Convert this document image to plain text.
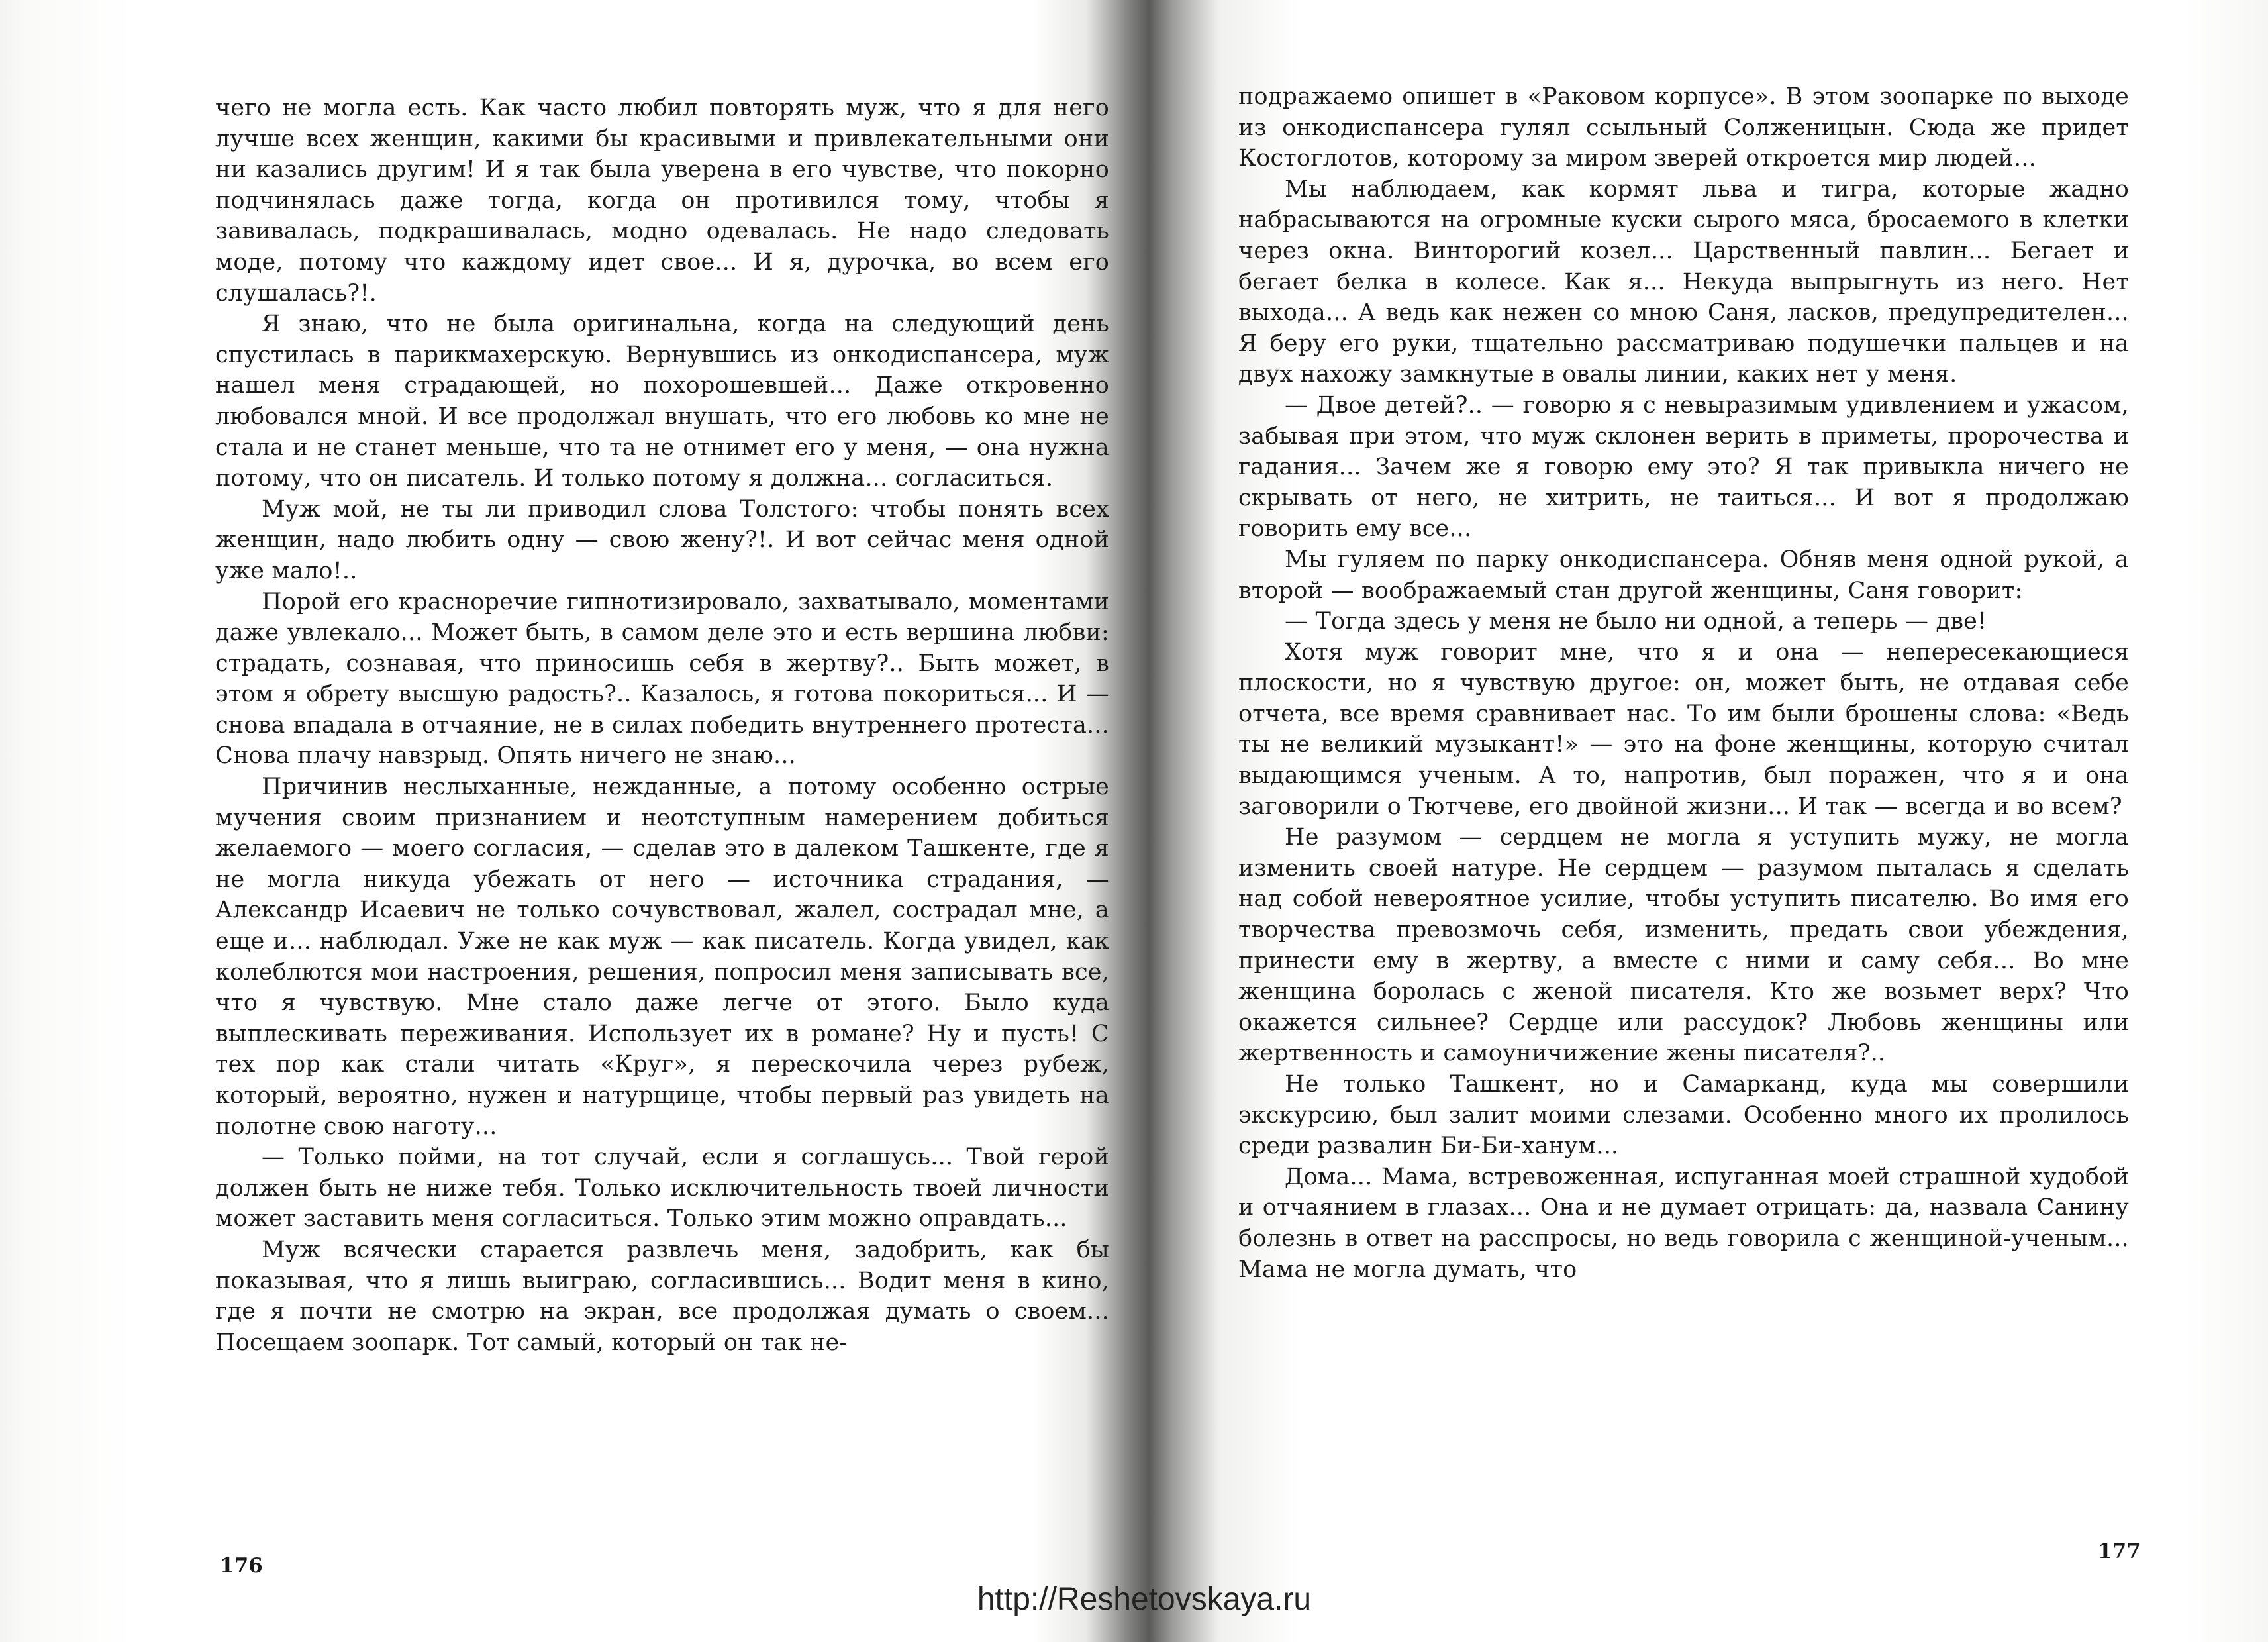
чего не могла есть. Как часто любил повторять муж, что я для него лучше всех женщин, какими бы красивыми и привлекательными они ни казались другим! И я так была уверена в его чувстве, что покорно подчинялась даже тогда, когда он противился тому, чтобы я завивалась, подкрашивалась, модно одевалась. Не надо следовать моде, потому что каждому идет свое... И я, дурочка, во всем его слушалась?!.

Я знаю, что не была оригинальна, когда на следующий день спустилась в парикмахерскую. Вернувшись из онкодиспансера, муж нашел меня страдающей, но похорошевшей... Даже откровенно любовался мной. И все продолжал внушать, что его любовь ко мне не стала и не станет меньше, что та не отнимет его у меня, — она нужна потому, что он писатель. И только потому я должна... согласиться.

Муж мой, не ты ли приводил слова Толстого: чтобы понять всех женщин, надо любить одну — свою жену?!. И вот сейчас меня одной уже мало!..

Порой его красноречие гипнотизировало, захватывало, моментами даже увлекало... Может быть, в самом деле это и есть вершина любви: страдать, сознавая, что приносишь себя в жертву?.. Быть может, в этом я обрету высшую радость?.. Казалось, я готова покориться... И — снова впадала в отчаяние, не в силах победить внутреннего протеста... Снова плачу навзрыд. Опять ничего не знаю...

Причинив неслыханные, нежданные, а потому особенно острые мучения своим признанием и неотступным намерением добиться желаемого — моего согласия, — сделав это в далеком Ташкенте, где я не могла никуда убежать от него — источника страдания, — Александр Исаевич не только сочувствовал, жалел, сострадал мне, а еще и... наблюдал. Уже не как муж — как писатель. Когда увидел, как колеблются мои настроения, решения, попросил меня записывать все, что я чувствую. Мне стало даже легче от этого. Было куда выплескивать переживания. Использует их в романе? Ну и пусть! С тех пор как стали читать «Круг», я перескочила через рубеж, который, вероятно, нужен и натурщице, чтобы первый раз увидеть на полотне свою наготу...

— Только пойми, на тот случай, если я соглашусь... Твой герой должен быть не ниже тебя. Только исключительность твоей личности может заставить меня согласиться. Только этим можно оправдать...

Муж всячески старается развлечь меня, задобрить, как бы показывая, что я лишь выиграю, согласившись... Водит меня в кино, где я почти не смотрю на экран, все продолжая думать о своем... Посещаем зоопарк. Тот самый, который он так не-

176

подражаемо опишет в «Раковом корпусе». В этом зоопарке по выходе из онкодиспансера гулял ссыльный Солженицын. Сюда же придет Костоглотов, которому за миром зверей откроется мир людей...

Мы наблюдаем, как кормят льва и тигра, которые жадно набрасываются на огромные куски сырого мяса, бросаемого в клетки через окна. Винторогий козел... Царственный павлин... Бегает и бегает белка в колесе. Как я... Некуда выпрыгнуть из него. Нет выхода... А ведь как нежен со мною Саня, ласков, предупредителен... Я беру его руки, тщательно рассматриваю подушечки пальцев и на двух нахожу замкнутые в овалы линии, каких нет у меня.

— Двое детей?.. — говорю я с невыразимым удивлением и ужасом, забывая при этом, что муж склонен верить в приметы, пророчества и гадания... Зачем же я говорю ему это? Я так привыкла ничего не скрывать от него, не хитрить, не таиться... И вот я продолжаю говорить ему все...

Мы гуляем по парку онкодиспансера. Обняв меня одной рукой, а второй — воображаемый стан другой женщины, Саня говорит:

— Тогда здесь у меня не было ни одной, а теперь — две!

Хотя муж говорит мне, что я и она — непересекающиеся плоскости, но я чувствую другое: он, может быть, не отдавая себе отчета, все время сравнивает нас. То им были брошены слова: «Ведь ты не великий музыкант!» — это на фоне женщины, которую считал выдающимся ученым. А то, напротив, был поражен, что я и она заговорили о Тютчеве, его двойной жизни... И так — всегда и во всем?

Не разумом — сердцем не могла я уступить мужу, не могла изменить своей натуре. Не сердцем — разумом пыталась я сделать над собой невероятное усилие, чтобы уступить писателю. Во имя его творчества превозмочь себя, изменить, предать свои убеждения, принести ему в жертву, а вместе с ними и саму себя... Во мне женщина боролась с женой писателя. Кто же возьмет верх? Что окажется сильнее? Сердце или рассудок? Любовь женщины или жертвенность и самоуничижение жены писателя?..

Не только Ташкент, но и Самарканд, куда мы совершили экскурсию, был залит моими слезами. Особенно много их пролилось среди развалин Би-Би-ханум...

Дома... Мама, встревоженная, испуганная моей страшной худобой и отчаянием в глазах... Она и не думает отрицать: да, назвала Санину болезнь в ответ на расспросы, но ведь говорила с женщиной-ученым... Мама не могла думать, что

177
http://Reshetovskaya.ru
